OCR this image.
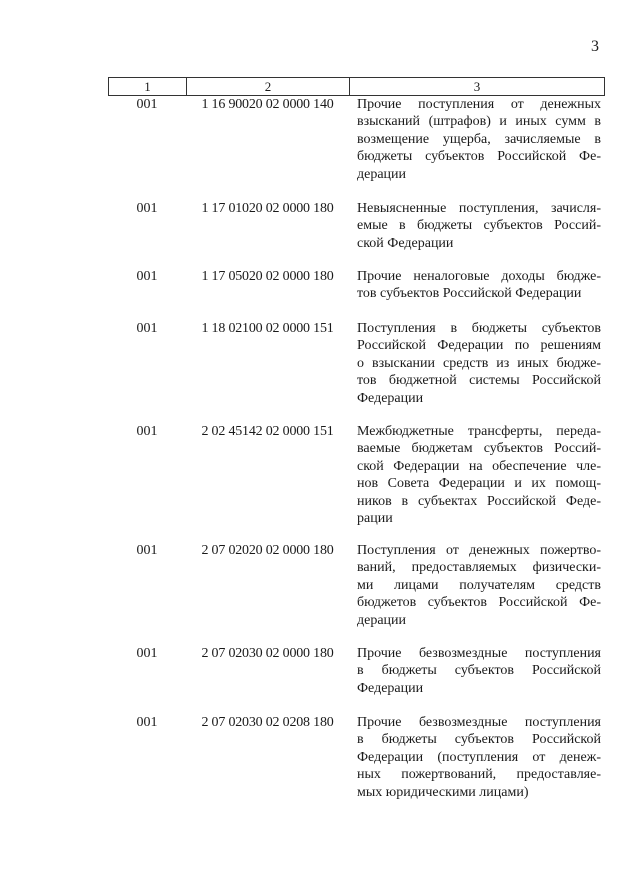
3
1	2	3
001	1 16 90020 02 0000 140	Прочие поступления от денежных
взысканий (штрафов) и иных сумм в
возмещение ущерба, зачисляемые в
бюджеты субъектов Российской Фе-
дерации
001	1 17 01020 02 0000 180	Невыясненные поступления, зачисля-
емые в бюджеты субъектов Россий-
ской Федерации
001	1 17 05020 02 0000 180	Прочие неналоговые доходы бюдже-
тов субъектов Российской Федерации
001	1 18 02100 02 0000 151	Поступления в бюджеты субъектов
Российской Федерации по решениям
о взыскании средств из иных бюдже-
тов бюджетной системы Российской
Федерации
001	2 02 45142 02 0000 151	Межбюджетные трансферты, переда-
ваемые бюджетам субъектов Россий-
ской Федерации на обеспечение чле-
нов Совета Федерации и их помощ-
ников в субъектах Российской Феде-
рации
001	2 07 02020 02 0000 180	Поступления от денежных пожертво-
ваний, предоставляемых физически-
ми лицами получателям средств
бюджетов субъектов Российской Фе-
дерации
001	2 07 02030 02 0000 180	Прочие безвозмездные поступления
в бюджеты субъектов Российской
Федерации
001	2 07 02030 02 0208 180	Прочие безвозмездные поступления
в бюджеты субъектов Российской
Федерации (поступления от денеж-
ных пожертвований, предоставляе-
мых юридическими лицами)
